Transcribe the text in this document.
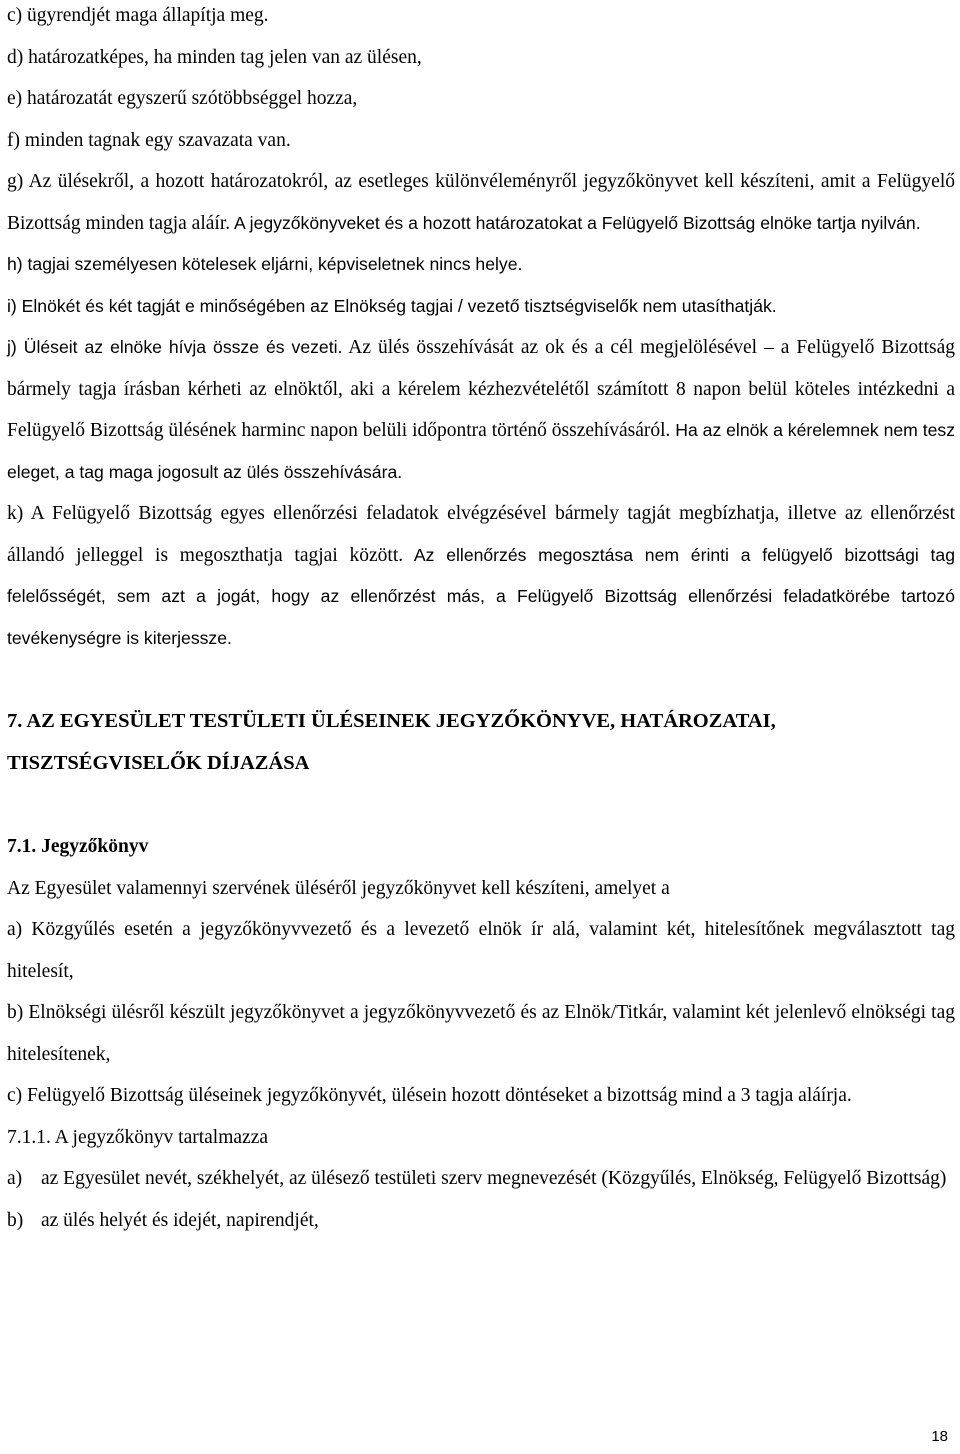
c) ügyrendjét maga állapítja meg.

d) határozatképes, ha minden tag jelen van az ülésen,

e) határozatát egyszerű szótöbbséggel hozza,

f) minden tagnak egy szavazata van.

g) Az ülésekről, a hozott határozatokról, az esetleges különvéleményről jegyzőkönyvet kell készíteni, amit a Felügyelő Bizottság minden tagja aláír. A jegyzőkönyveket és a hozott határozatokat a Felügyelő Bizottság elnöke tartja nyilván.

h) tagjai személyesen kötelesek eljárni, képviseletnek nincs helye.

i) Elnökét és két tagját e minőségében az Elnökség tagjai / vezető tisztségviselők nem utasíthatják.

j) Üléseit az elnöke hívja össze és vezeti. Az ülés összehívását az ok és a cél megjelölésével – a Felügyelő Bizottság bármely tagja írásban kérheti az elnöktől, aki a kérelem kézhezvételétől számított 8 napon belül köteles intézkedni a Felügyelő Bizottság ülésének harminc napon belüli időpontra történő összehívásáról. Ha az elnök a kérelemnek nem tesz eleget, a tag maga jogosult az ülés összehívására.

k) A Felügyelő Bizottság egyes ellenőrzési feladatok elvégzésével bármely tagját megbízhatja, illetve az ellenőrzést állandó jelleggel is megoszthatja tagjai között. Az ellenőrzés megosztása nem érinti a felügyelő bizottsági tag felelősségét, sem azt a jogát, hogy az ellenőrzést más, a Felügyelő Bizottság ellenőrzési feladatkörébe tartozó tevékenységre is kiterjessze.

7. AZ EGYESÜLET TESTÜLETI ÜLÉSEINEK JEGYZŐKÖNYVE, HATÁROZATAI,

TISZTSÉGVISELŐK DÍJAZÁSA

7.1. Jegyzőkönyv

Az Egyesület valamennyi szervének üléséről jegyzőkönyvet kell készíteni, amelyet a

a) Közgyűlés esetén a jegyzőkönyvvezető és a levezető elnök ír alá, valamint két, hitelesítőnek megválasztott tag hitelesít,

b) Elnökségi ülésről készült jegyzőkönyvet a jegyzőkönyvvezető és az Elnök/Titkár, valamint két jelenlevő elnökségi tag hitelesítenek,

c) Felügyelő Bizottság üléseinek jegyzőkönyvét, ülésein hozott döntéseket a bizottság mind a 3 tagja aláírja.

7.1.1. A jegyzőkönyv tartalmazza

a) az Egyesület nevét, székhelyét, az ülésező testületi szerv megnevezését (Közgyűlés, Elnökség, Felügyelő Bizottság)
b) az ülés helyét és idejét, napirendjét,
18
